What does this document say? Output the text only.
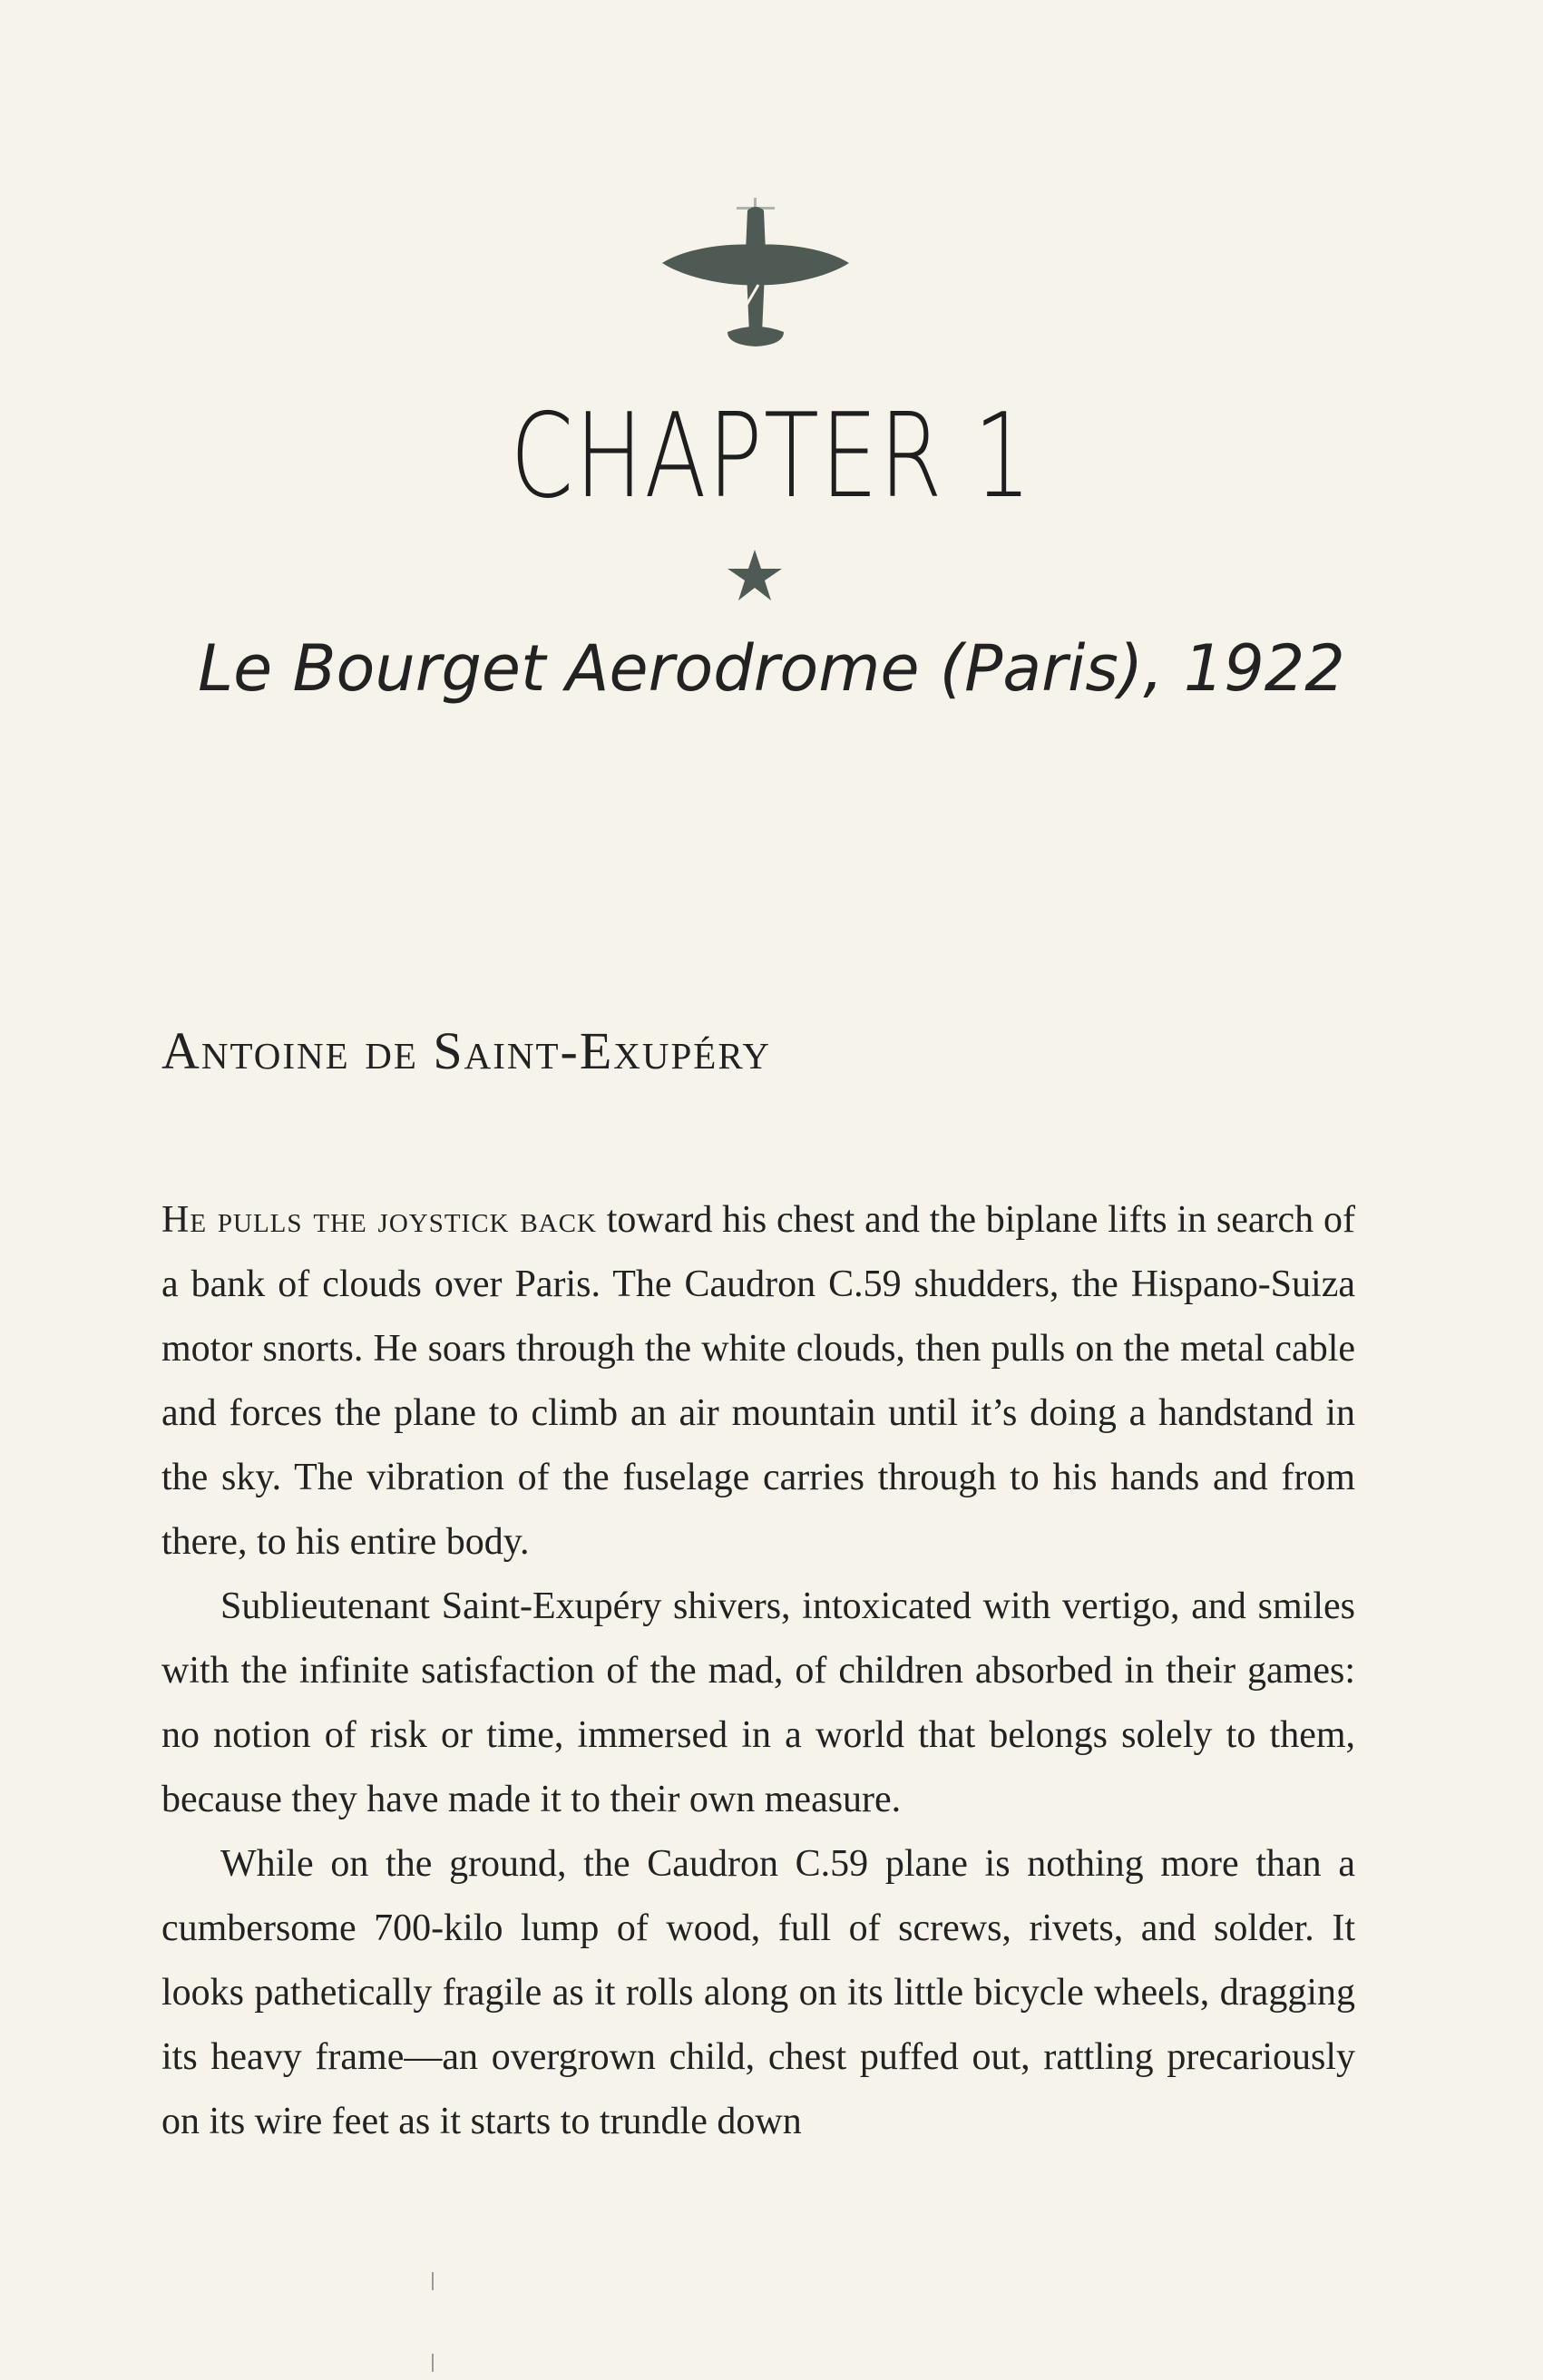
CHAPTER 1
Le Bourget Aerodrome (Paris), 1922
Antoine de Saint-Exupéry

He pulls the joystick back toward his chest and the biplane lifts in search of a bank of clouds over Paris. The Caudron C.59 shudders, the Hispano-Suiza motor snorts. He soars through the white clouds, then pulls on the metal cable and forces the plane to climb an air mountain until it’s doing a handstand in the sky. The vibration of the fuselage carries through to his hands and from there, to his entire body.

Sublieutenant Saint-Exupéry shivers, intoxicated with vertigo, and smiles with the infinite satisfaction of the mad, of children absorbed in their games: no notion of risk or time, immersed in a world that belongs solely to them, because they have made it to their own measure.

While on the ground, the Caudron C.59 plane is nothing more than a cumbersome 700-kilo lump of wood, full of screws, rivets, and solder. It looks pathetically fragile as it rolls along on its little bicycle wheels, dragging its heavy frame—an overgrown child, chest puffed out, rattling precariously on its wire feet as it starts to trundle down
